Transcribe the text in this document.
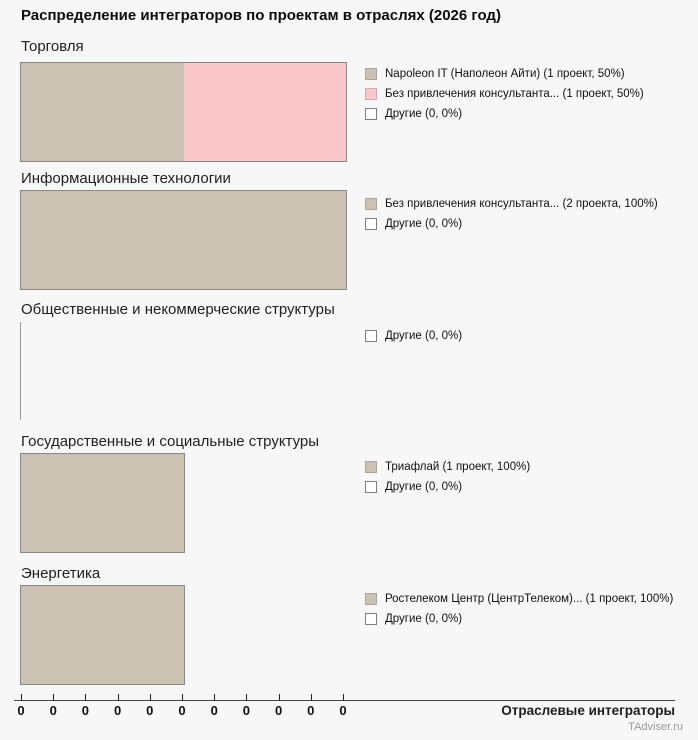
Распределение интеграторов по проектам в отраслях (2026 год)
Торговля
Napoleon IT (Наполеон Айти) (1 проект, 50%)
Без привлечения консультанта... (1 проект, 50%)
Другие (0, 0%)
Информационные технологии
Без привлечения консультанта... (2 проекта, 100%)
Другие (0, 0%)
Общественные и некоммерческие структуры
Другие (0, 0%)
Государственные и социальные структуры
Триафлай (1 проект, 100%)
Другие (0, 0%)
Энергетика
Ростелеком Центр (ЦентрТелеком)... (1 проект, 100%)
Другие (0, 0%)
0	0	0	0	0	0	0	0	0	0	0	Отраслевые интеграторы
TAdviser.ru
